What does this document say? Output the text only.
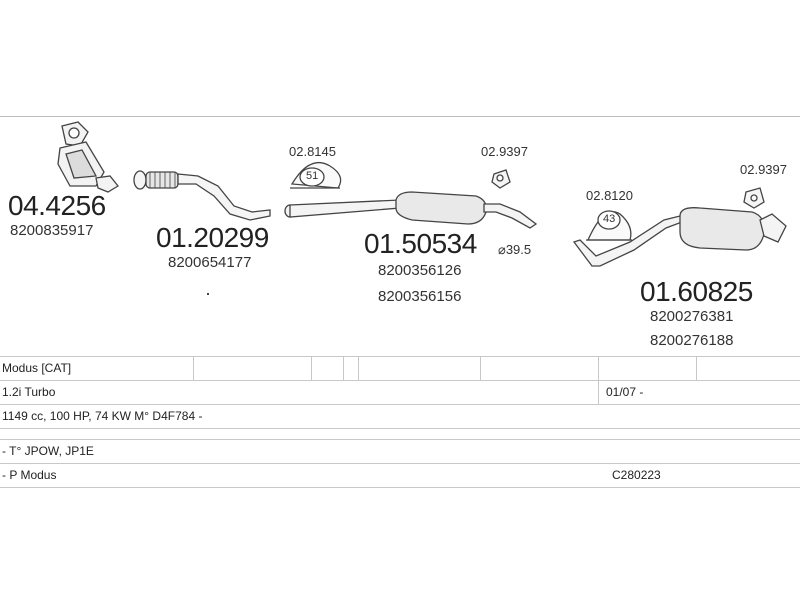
51
43
02.8145	02.9397
02.8120
02.9397
⌀39.5
04.4256
8200835917 01.20299
8200654177
01.50534
8200356126
8200356156	01.60825
8200276381
8200276188
Modus [CAT]
1.2i Turbo	01/07 -
1149 cc, 100 HP, 74 KW M° D4F784 -
- T° JPOW, JP1E
- P Modus	C280223
